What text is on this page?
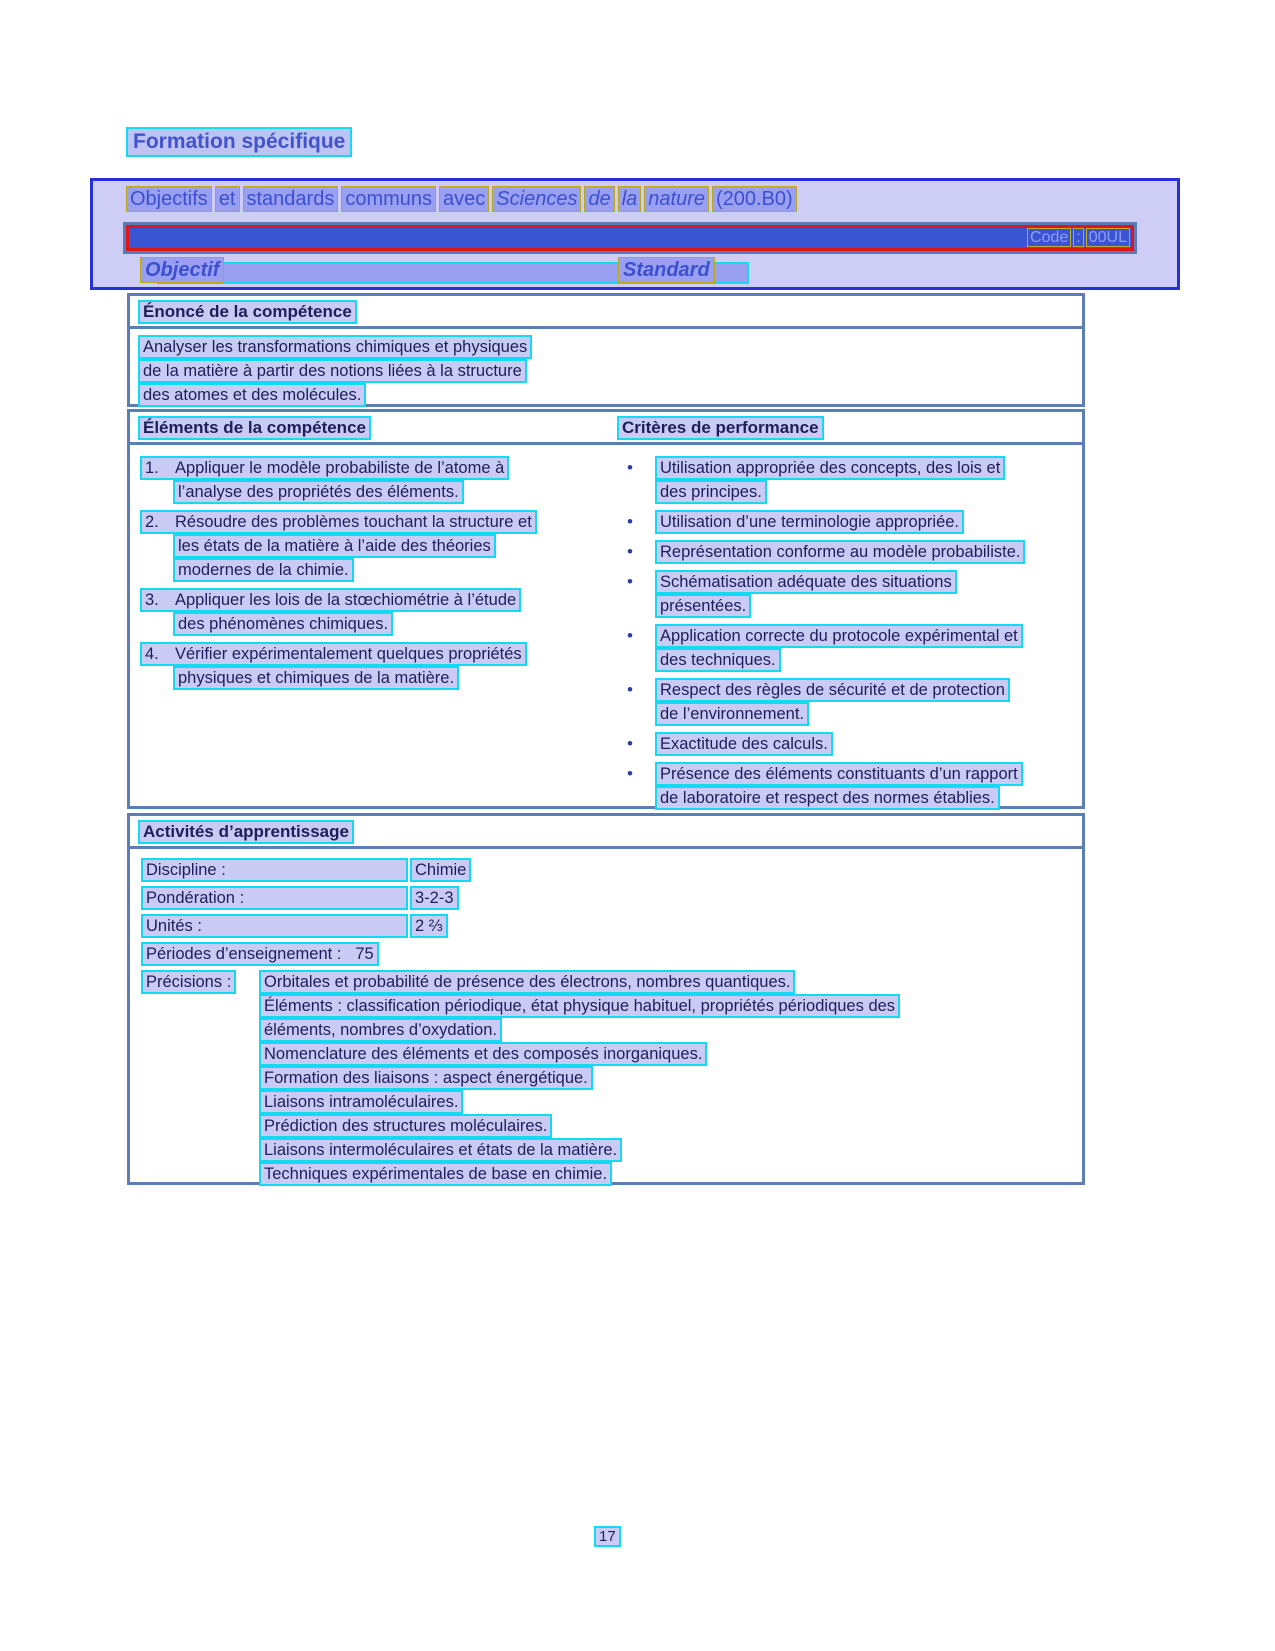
Formation spécifique
Objectifs et standards communs avec Sciences de la nature (200.B0)
Code : 00UL
Objectif	Standard
Énoncé de la compétence
Analyser les transformations chimiques et physiques
de la matière à partir des notions liées à la structure
des atomes et des molécules.
Éléments de la compétence	Critères de performance
1. Appliquer le modèle probabiliste de l’atome à
l’analyse des propriétés des éléments.
2. Résoudre des problèmes touchant la structure et
les états de la matière à l’aide des théories
modernes de la chimie.
3. Appliquer les lois de la stœchiométrie à l’étude
des phénomènes chimiques.
4. Vérifier expérimentalement quelques propriétés
physiques et chimiques de la matière.
•	Utilisation appropriée des concepts, des lois et
des principes.
•	Utilisation d’une terminologie appropriée.
•	Représentation conforme au modèle probabiliste.
•	Schématisation adéquate des situations
présentées.
•	Application correcte du protocole expérimental et
des techniques.
•	Respect des règles de sécurité et de protection
de l’environnement.
•	Exactitude des calculs.
•	Présence des éléments constituants d’un rapport
de laboratoire et respect des normes établies.
Activités d’apprentissage
Discipline :	Chimie
Pondération :	3-2-3
Unités :	2 ⅔
Périodes d’enseignement : 75
Précisions :	Orbitales et probabilité de présence des électrons, nombres quantiques.
Éléments : classification périodique, état physique habituel, propriétés périodiques des
éléments, nombres d’oxydation.
Nomenclature des éléments et des composés inorganiques.
Formation des liaisons : aspect énergétique.
Liaisons intramoléculaires.
Prédiction des structures moléculaires.
Liaisons intermoléculaires et états de la matière.
Techniques expérimentales de base en chimie.
17
